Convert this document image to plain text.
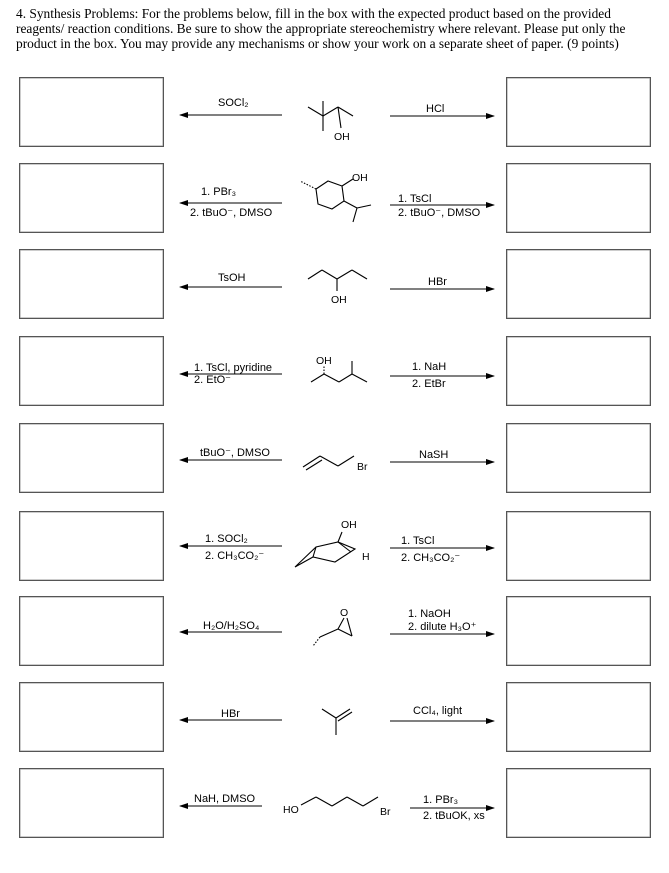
4. Synthesis Problems: For the problems below, fill in the box with the expected product based on the provided reagents/ reaction conditions. Be sure to show the appropriate stereochemistry where relevant. Please put only the product in the box. You may provide any mechanisms or show your work on a separate sheet of paper. (9 points)
SOCl₂	HCl
1. PBr₃
2. tBuO⁻, DMSO
1. TsCl
2. tBuO⁻, DMSO
TsOH	HBr
1. TsCl, pyridine
2. EtO⁻
1. NaH
2. EtBr
tBuO⁻, DMSO	NaSH
1. SOCl₂
2. CH₃CO₂⁻
1. TsCl
2. CH₃CO₂⁻
H₂O/H₂SO₄
1. NaOH
2. dilute H₃O⁺
HBr	CCl₄, light
NaH, DMSO	1. PBr₃
2. tBuOK, xs
OH
OH
OH
OH
Br
OH
H
O
HO	Br
